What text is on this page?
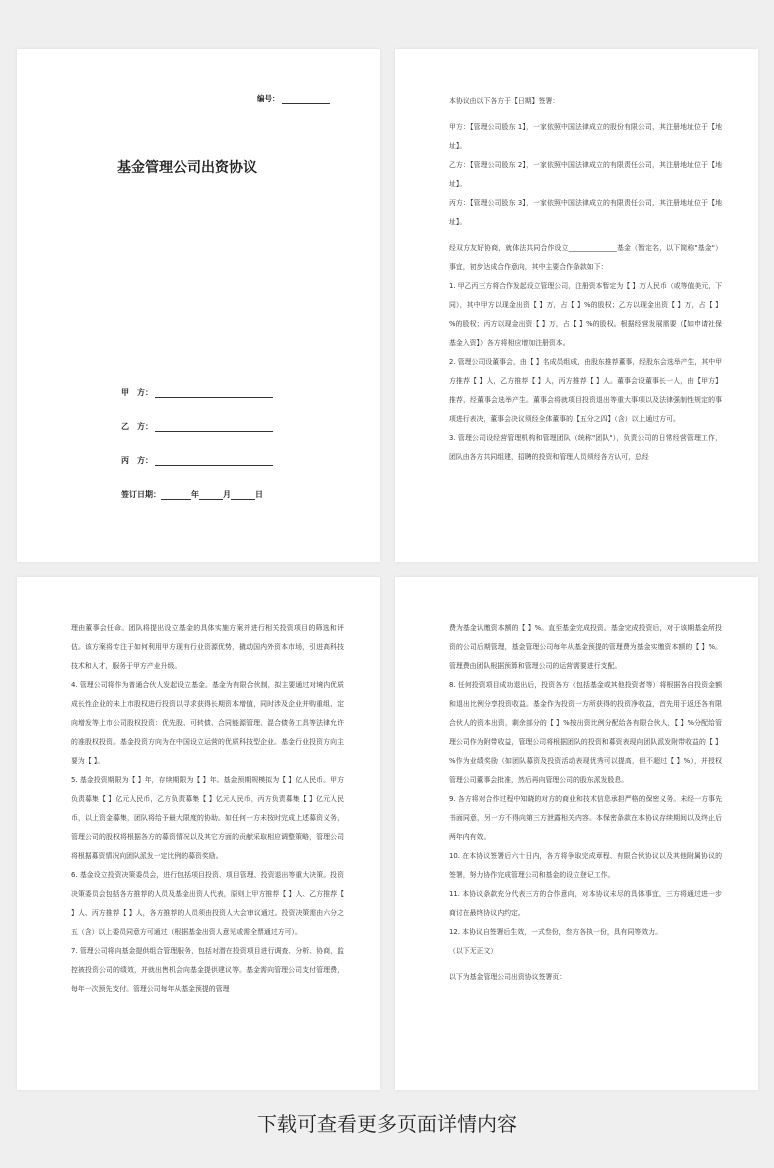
编号：
基金管理公司出资协议
甲　方：
乙　方：
丙　方：
签订日期：	年	月	日

本协议由以下各方于【日期】签署：

甲方：【管理公司股东 1】，一家依照中国法律成立的股份有限公司，其注册地址位于【地址】。

乙方：【管理公司股东 2】，一家依照中国法律成立的有限责任公司，其注册地址位于【地址】。

丙方：【管理公司股东 3】，一家依照中国法律成立的有限责任公司，其注册地址位于【地址】。

经双方友好协商，就体法共同合作设立______________基金（暂定名，以下简称"基金"）事宜，初步达成合作意向，其中主要合作条款如下：

1. 甲乙丙三方将合作发起设立管理公司，注册资本暂定为【 】万人民币（或等值美元，下同），其中甲方以现金出资【 】万，占【 】%的股权；乙方以现金出资【 】万，占【 】%的股权；丙方以现金出资【 】万，占【 】%的股权。根据经营发展需要（【如申请社保基金入资】）各方将相应增加注册资本。

2. 管理公司设董事会，由【 】名成员组成，由股东推荐董事，经股东会选举产生，其中甲方推荐【 】人，乙方推荐【 】人，丙方推荐【 】人。董事会设董事长一人，由【甲方】推荐，经董事会选举产生。董事会将就项目投资退出等重大事项以及法律强制性规定的事项进行表决，董事会决议须经全体董事的【五分之四】（含）以上通过方可。

3. 管理公司设经营管理机构和管理团队（统称"团队"），负责公司的日常经营管理工作，团队由各方共同组建，招聘的投资和管理人员须经各方认可，总经

理由董事会任命。团队将提出设立基金的具体实施方案并进行相关投资项目的筛选和评估。该方案将专注于如何利用甲方现有行业资源优势，撬动国内外资本市场，引进高科技技术和人才，服务于甲方产业升级。

4. 管理公司将作为普通合伙人发起设立基金。基金为有限合伙制，拟主要通过对境内优质成长性企业的未上市股权进行投资以寻求获得长期资本增值，同时涉及企业并购重组、定向增发等上市公司股权投资：优先股、可转债、合同能源管理、混合债务工具等法律允许的准股权投资。基金投资方向为在中国设立运营的优质科技型企业。基金行业投资方向主要为【 】。

5. 基金投资期限为【 】年，存续期限为【 】年。基金预期规模拟为【 】亿人民币。甲方负责募集【 】亿元人民币，乙方负责募集【 】亿元人民币，丙方负责募集【 】亿元人民币，以上资金募集，团队将给予最大限度的协助。如任何一方未按时完成上述募资义务，管理公司的股权将根据各方的募资情况以及其它方面的贡献采取相应调整策略，管理公司将根据募资情况向团队派发一定比例的募资奖励。

6. 基金设立投资决策委员会，进行包括项目投资、项目管理、投资退出等重大决策。投资决策委员会包括各方推荐的人员及基金出资人代表，原则上甲方推荐【 】人、乙方推荐【 】人、丙方推荐【 】人，各方推荐的人员须由投资人大会审议通过。投资决策需由六分之五（含）以上委员同意方可通过（根据基金出资人意见或需全票通过方可）。

7. 管理公司将向基金提供组合管理服务，包括对潜在投资项目进行调查、分析、协商，监控被投资公司的绩效，并就出售机会向基金提供建议等。基金需向管理公司支付管理费，每年一次预先支付。管理公司每年从基金预提的管理

费为基金认缴资本额的【 】%。直至基金完成投资。基金完成投资后，对于该期基金所投资的公司后期管理，基金管理公司每年从基金预提的管理费为基金实缴资本额的【 】%。管理费由团队根据预算和管理公司的运营需要进行支配。

8. 任何投资项目成功退出后，投资各方（包括基金或其他投资者等）将根据各自投资金额和退出比例分享投资收益。基金作为投资一方所获得的投资净收益，首先用于返还各有限合伙人的资本出资，剩余部分的【 】%按出资比例分配给各有限合伙人，【 】%分配给管理公司作为附带收益，管理公司将根据团队的投资和募资表现向团队派发附带收益的【 】%作为业绩奖励（如团队募资及投资活动表现优秀可以提高，但不超过【 】%），并授权管理公司董事会批准，然后再向管理公司的股东派发股息。

9. 各方将对合作过程中知晓的对方的商业和技术信息承担严格的保密义务。未经一方事先书面同意，另一方不得向第三方泄露相关内容。本保密条款在本协议存续期间以及终止后两年内有效。

10. 在本协议签署后六十日内，各方将争取完成章程、有限合伙协议以及其他附属协议的签署，努力协作完成管理公司和基金的设立登记工作。

11. 本协议条款充分代表三方的合作意向，对本协议未尽的具体事宜，三方将通过进一步商讨在最终协议内约定。

12. 本协议自签署后生效，一式叁份，叁方各执一份，具有同等效力。

（以下无正文）

以下为基金管理公司出资协议签署页：

下载可查看更多页面详情内容
